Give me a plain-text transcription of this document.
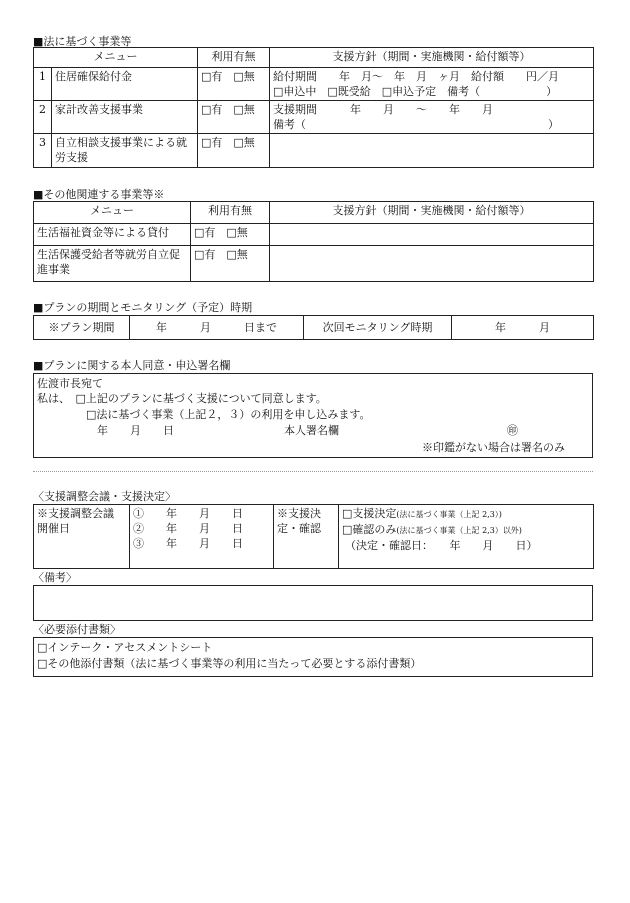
■法に基づく事業等
メニュー		利用有無	支援方針（期間・実施機関・給付額等）
1	住居確保給付金	□有　□無	給付期間　　年　月〜　年　月　ヶ月　給付額　　円／月
□申込中　□既受給　□申込予定　備考（　　　　　　）

2	家計改善支援事業	□有　□無	支援期間　　　年　　月　　〜　　年　　月
備考（　　　　　　　　　　　　　　　　　　　　　　）

3	自立相談支援事業による就労支援	□有　□無	
■その他関連する事業等※
メニュー	利用有無	支援方針（期間・実施機関・給付額等）
生活福祉資金等による貸付	□有　□無	
生活保護受給者等就労自立促進事業	□有　□無	
■プランの期間とモニタリング（予定）時期
※プラン期間	年　　　月　　　日まで	次回モニタリング時期	年　　　月
■プランに関する本人同意・申込署名欄
佐渡市長宛て
私は、　□上記のプランに基づく支援について同意します。
□法に基づく事業（上記２，３）の利用を申し込みます。
年　　月　　日	本人署名欄	㊞
※印鑑がない場合は署名のみ
〈支援調整会議・支援決定〉
※支援調整会議
開催日

①　　年　　月　　日
②　　年　　月　　日
③　　年　　月　　日

※支援決
定・確認

□支援決定(法に基づく事業（上記 2,3）)
□確認のみ(法に基づく事業（上記 2,3）以外)
（決定・確認日：　　年　　月　　日）
〈備考〉
〈必要添付書類〉
□インテーク・アセスメントシート
□その他添付書類（法に基づく事業等の利用に当たって必要とする添付書類）
